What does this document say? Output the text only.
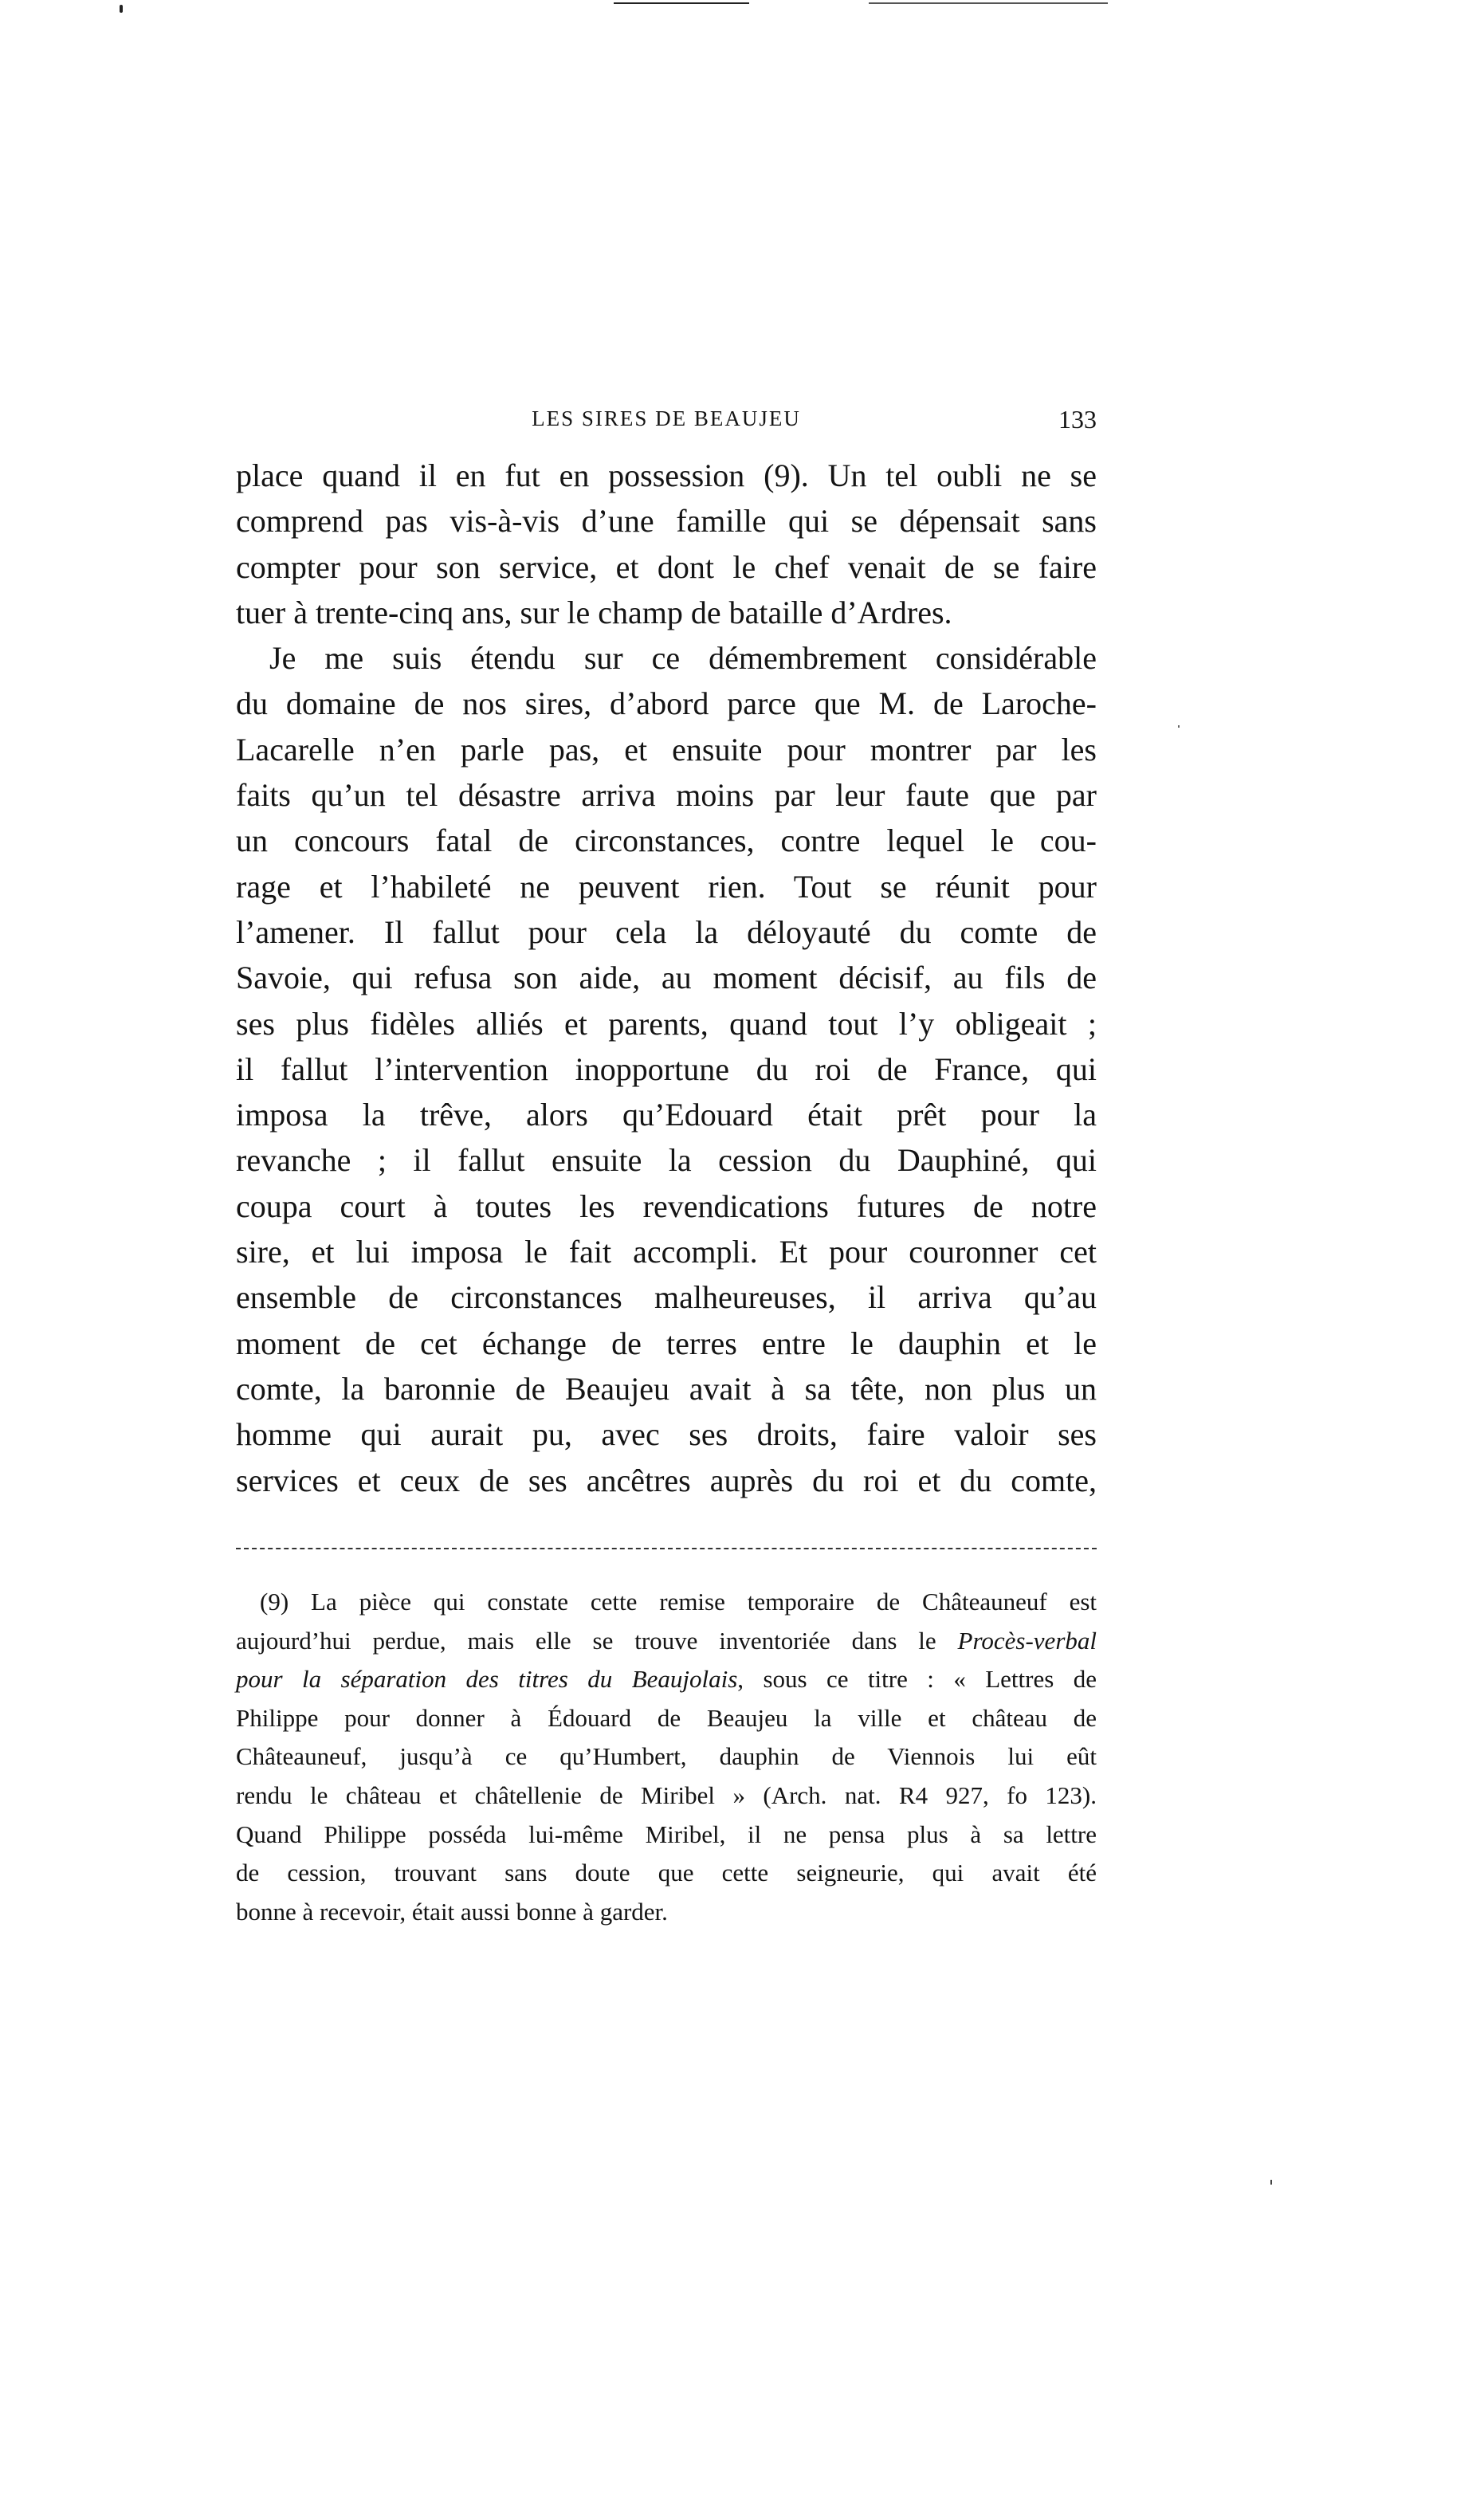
LES SIRES DE BEAUJEU	133
place quand il en fut en possession (9). Un tel oubli ne se
comprend pas vis-à-vis d’une famille qui se dépensait sans
compter pour son service, et dont le chef venait de se faire
tuer à trente-cinq ans, sur le champ de bataille d’Ardres.
Je me suis étendu sur ce démembrement considérable
du domaine de nos sires, d’abord parce que M. de Laroche-
Lacarelle n’en parle pas, et ensuite pour montrer par les
faits qu’un tel désastre arriva moins par leur faute que par
un concours fatal de circonstances, contre lequel le cou-
rage et l’habileté ne peuvent rien. Tout se réunit pour
l’amener. Il fallut pour cela la déloyauté du comte de
Savoie, qui refusa son aide, au moment décisif, au fils de
ses plus fidèles alliés et parents, quand tout l’y obligeait ;
il fallut l’intervention inopportune du roi de France, qui
imposa la trêve, alors qu’Edouard était prêt pour la
revanche ; il fallut ensuite la cession du Dauphiné, qui
coupa court à toutes les revendications futures de notre
sire, et lui imposa le fait accompli. Et pour couronner cet
ensemble de circonstances malheureuses, il arriva qu’au
moment de cet échange de terres entre le dauphin et le
comte, la baronnie de Beaujeu avait à sa tête, non plus un
homme qui aurait pu, avec ses droits, faire valoir ses
services et ceux de ses ancêtres auprès du roi et du comte,
(9) La pièce qui constate cette remise temporaire de Châteauneuf est
aujourd’hui perdue, mais elle se trouve inventoriée dans le Procès-verbal
pour la séparation des titres du Beaujolais, sous ce titre : « Lettres de
Philippe pour donner à Édouard de Beaujeu la ville et château de
Châteauneuf, jusqu’à ce qu’Humbert, dauphin de Viennois lui eût
rendu le château et châtellenie de Miribel » (Arch. nat. R4 927, fo 123).
Quand Philippe posséda lui-même Miribel, il ne pensa plus à sa lettre
de cession, trouvant sans doute que cette seigneurie, qui avait été
bonne à recevoir, était aussi bonne à garder.
